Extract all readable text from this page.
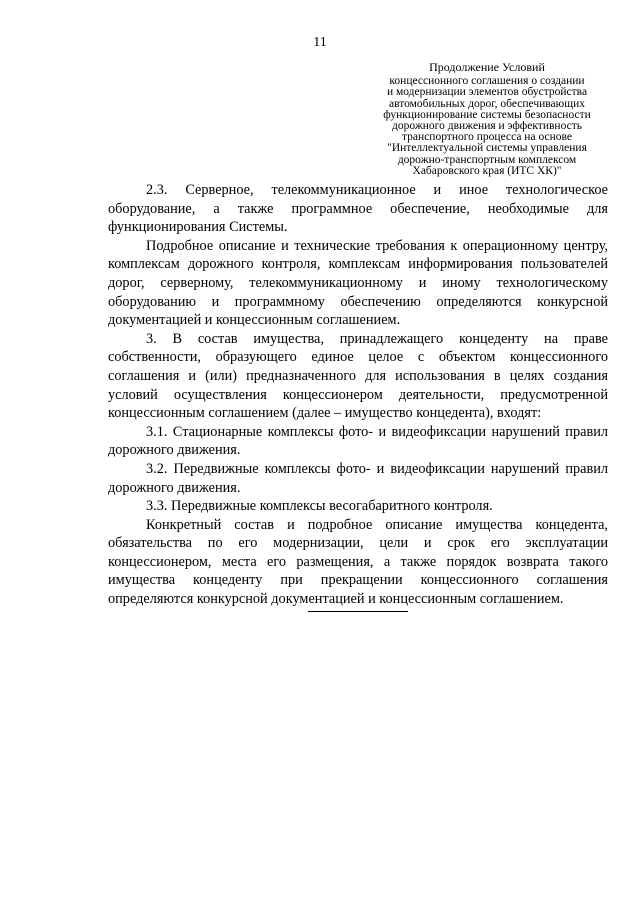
11
Продолжение Условий
концессионного соглашения о создании
и модернизации элементов обустройства
автомобильных дорог, обеспечивающих
функционирование системы безопасности
дорожного движения и эффективность
транспортного процесса на основе
"Интеллектуальной системы управления
дорожно-транспортным комплексом
Хабаровского края (ИТС ХК)"

2.3. Серверное, телекоммуникационное и иное технологическое оборудование, а также программное обеспечение, необходимые для функционирования Системы.

Подробное описание и технические требования к операционному центру, комплексам дорожного контроля, комплексам информирования пользователей дорог, серверному, телекоммуникационному и иному технологическому оборудованию и программному обеспечению определяются конкурсной документацией и концессионным соглашением.

3. В состав имущества, принадлежащего концеденту на праве собственности, образующего единое целое с объектом концессионного соглашения и (или) предназначенного для использования в целях создания условий осуществления концессионером деятельности, предусмотренной концессионным соглашением (далее – имущество концедента), входят:

3.1. Стационарные комплексы фото- и видеофиксации нарушений правил дорожного движения.

3.2. Передвижные комплексы фото- и видеофиксации нарушений правил дорожного движения.

3.3. Передвижные комплексы весогабаритного контроля.

Конкретный состав и подробное описание имущества концедента, обязательства по его модернизации, цели и срок его эксплуатации концессионером, места его размещения, а также порядок возврата такого имущества концеденту при прекращении концессионного соглашения определяются конкурсной документацией и концессионным соглашением.
